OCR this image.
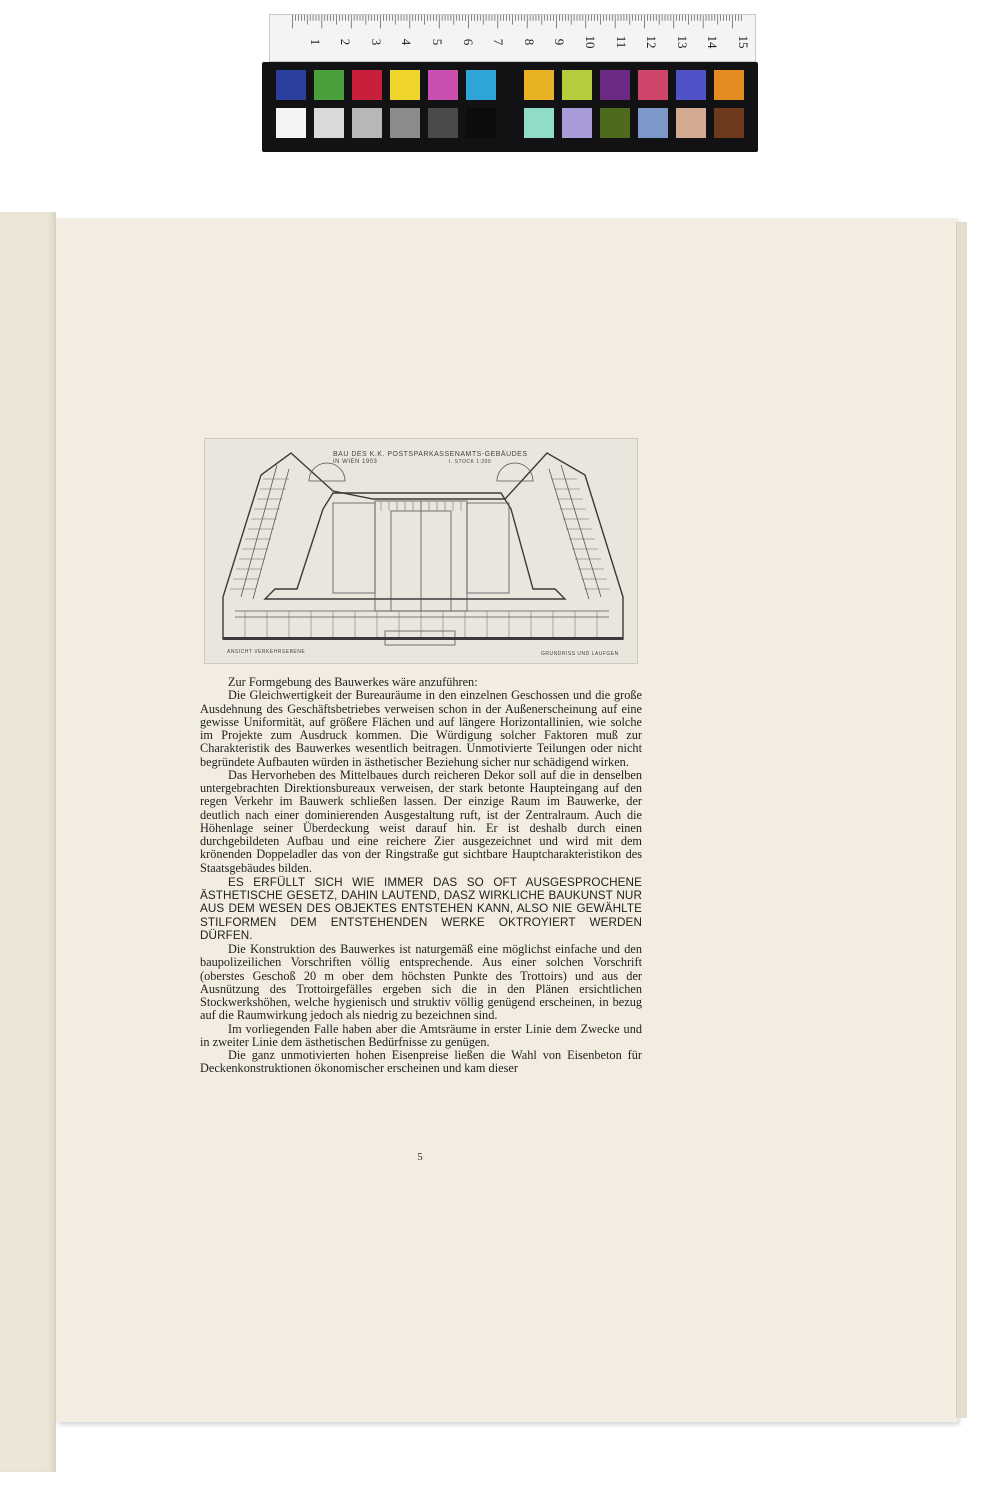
1 2 3 4 5 6 7 8 9 10 11 12 13 14 15
BAU DES K.K. POSTSPARKASSENAMTS-GEBÄUDES
IN WIEN 1903	I. STOCK 1:200
ANSICHT VERKEHRSEBENE	GRUNDRISS UND LAUFGEN

Zur Formgebung des Bauwerkes wäre anzuführen:

Die Gleichwertigkeit der Bureauräume in den einzelnen Geschossen und die große Ausdehnung des Geschäftsbetriebes verweisen schon in der Außenerscheinung auf eine gewisse Uniformität, auf größere Flächen und auf längere Horizontallinien, wie solche im Projekte zum Ausdruck kommen. Die Würdigung solcher Faktoren muß zur Charakteristik des Bauwerkes wesentlich beitragen. Unmotivierte Teilungen oder nicht begründete Aufbauten würden in ästhetischer Beziehung sicher nur schädigend wirken.

Das Hervorheben des Mittelbaues durch reicheren Dekor soll auf die in denselben untergebrachten Direktionsbureaux verweisen, der stark betonte Haupteingang auf den regen Verkehr im Bauwerk schließen lassen. Der einzige Raum im Bauwerke, der deutlich nach einer dominierenden Ausgestaltung ruft, ist der Zentralraum. Auch die Höhenlage seiner Überdeckung weist darauf hin. Er ist deshalb durch einen durchgebildeten Aufbau und eine reichere Zier ausgezeichnet und wird mit dem krönenden Doppeladler das von der Ringstraße gut sichtbare Hauptcharakteristikon des Staatsgebäudes bilden.

ES ERFÜLLT SICH WIE IMMER DAS SO OFT AUSGESPROCHENE ÄSTHETISCHE GESETZ, DAHIN LAUTEND, DASZ WIRKLICHE BAUKUNST NUR AUS DEM WESEN DES OBJEKTES ENTSTEHEN KANN, ALSO NIE GEWÄHLTE STILFORMEN DEM ENTSTEHENDEN WERKE OKTROYIERT WERDEN DÜRFEN.

Die Konstruktion des Bauwerkes ist naturgemäß eine möglichst einfache und den baupolizeilichen Vorschriften völlig entsprechende. Aus einer solchen Vorschrift (oberstes Geschoß 20 m ober dem höchsten Punkte des Trottoirs) und aus der Ausnützung des Trottoirgefälles ergeben sich die in den Plänen ersichtlichen Stockwerkshöhen, welche hygienisch und struktiv völlig genügend erscheinen, in bezug auf die Raumwirkung jedoch als niedrig zu bezeichnen sind.

Im vorliegenden Falle haben aber die Amtsräume in erster Linie dem Zwecke und in zweiter Linie dem ästhetischen Bedürfnisse zu genügen.

Die ganz unmotivierten hohen Eisenpreise ließen die Wahl von Eisenbeton für Deckenkonstruktionen ökonomischer erscheinen und kam dieser

5
